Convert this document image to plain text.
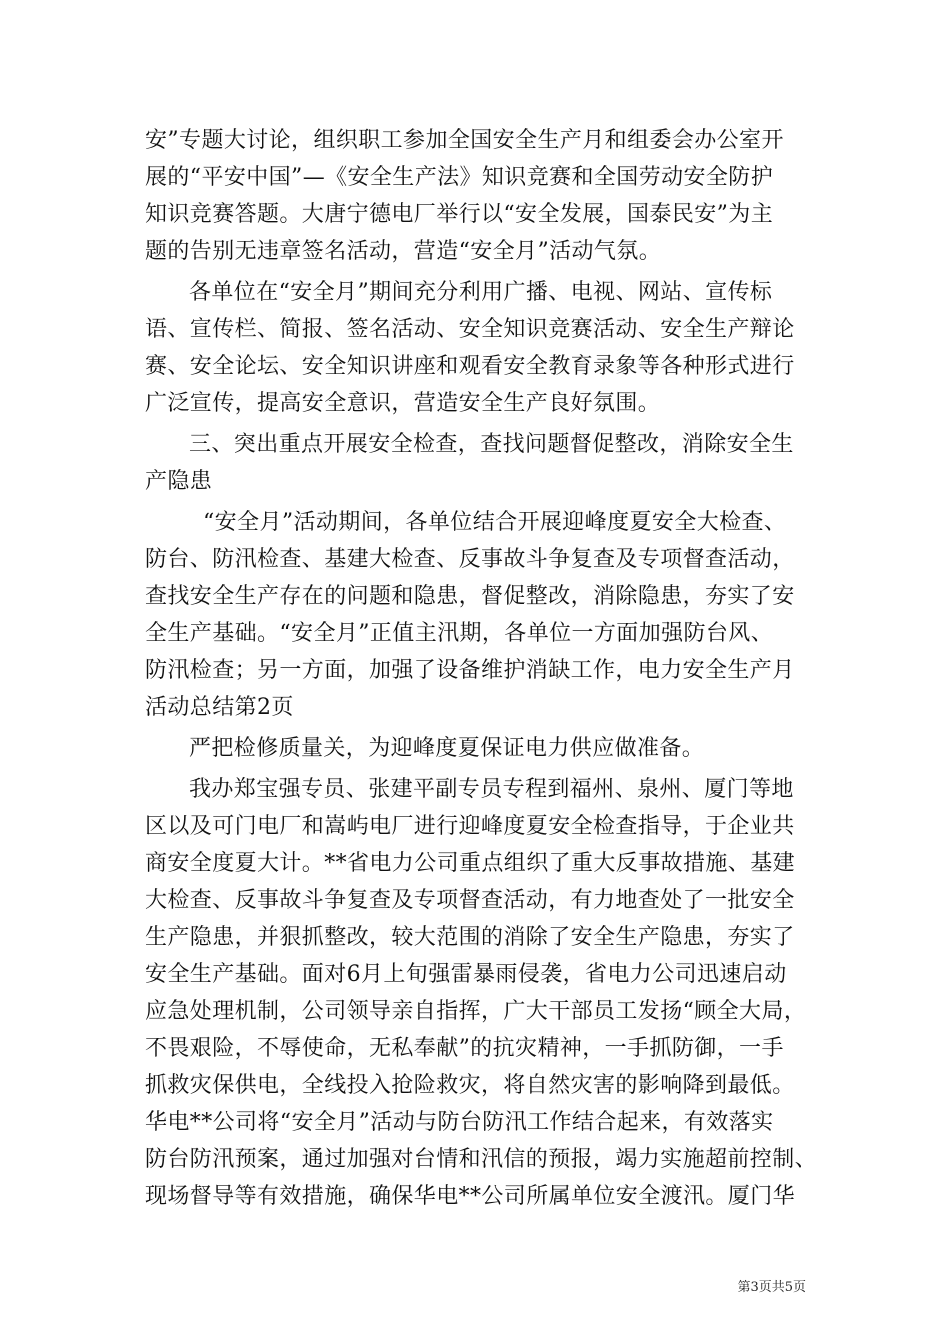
安”专题大讨论，组织职工参加全国安全生产月和组委会办公室开
展的“平安中国”—《安全生产法》知识竞赛和全国劳动安全防护
知识竞赛答题。大唐宁德电厂举行以“安全发展，国泰民安”为主
题的告别无违章签名活动，营造“安全月”活动气氛。
各单位在“安全月”期间充分利用广播、电视、网站、宣传标
语、宣传栏、简报、签名活动、安全知识竞赛活动、安全生产辩论
赛、安全论坛、安全知识讲座和观看安全教育录象等各种形式进行
广泛宣传，提高安全意识，营造安全生产良好氛围。
三、突出重点开展安全检查，查找问题督促整改，消除安全生
产隐患
“安全月”活动期间，各单位结合开展迎峰度夏安全大检查、
防台、防汛检查、基建大检查、反事故斗争复查及专项督查活动，
查找安全生产存在的问题和隐患，督促整改，消除隐患，夯实了安
全生产基础。“安全月”正值主汛期，各单位一方面加强防台风、
防汛检查；另一方面，加强了设备维护消缺工作，电力安全生产月
活动总结第2页
严把检修质量关，为迎峰度夏保证电力供应做准备。
我办郑宝强专员、张建平副专员专程到福州、泉州、厦门等地
区以及可门电厂和嵩屿电厂进行迎峰度夏安全检查指导，于企业共
商安全度夏大计。**省电力公司重点组织了重大反事故措施、基建
大检查、反事故斗争复查及专项督查活动，有力地查处了一批安全
生产隐患，并狠抓整改，较大范围的消除了安全生产隐患，夯实了
安全生产基础。面对6月上旬强雷暴雨侵袭，省电力公司迅速启动
应急处理机制，公司领导亲自指挥，广大干部员工发扬“顾全大局，
不畏艰险，不辱使命，无私奉献”的抗灾精神，一手抓防御，一手
抓救灾保供电，全线投入抢险救灾，将自然灾害的影响降到最低。
华电**公司将“安全月”活动与防台防汛工作结合起来，有效落实
防台防汛预案，通过加强对台情和汛信的预报，竭力实施超前控制、
现场督导等有效措施，确保华电**公司所属单位安全渡汛。厦门华
第3页共5页
